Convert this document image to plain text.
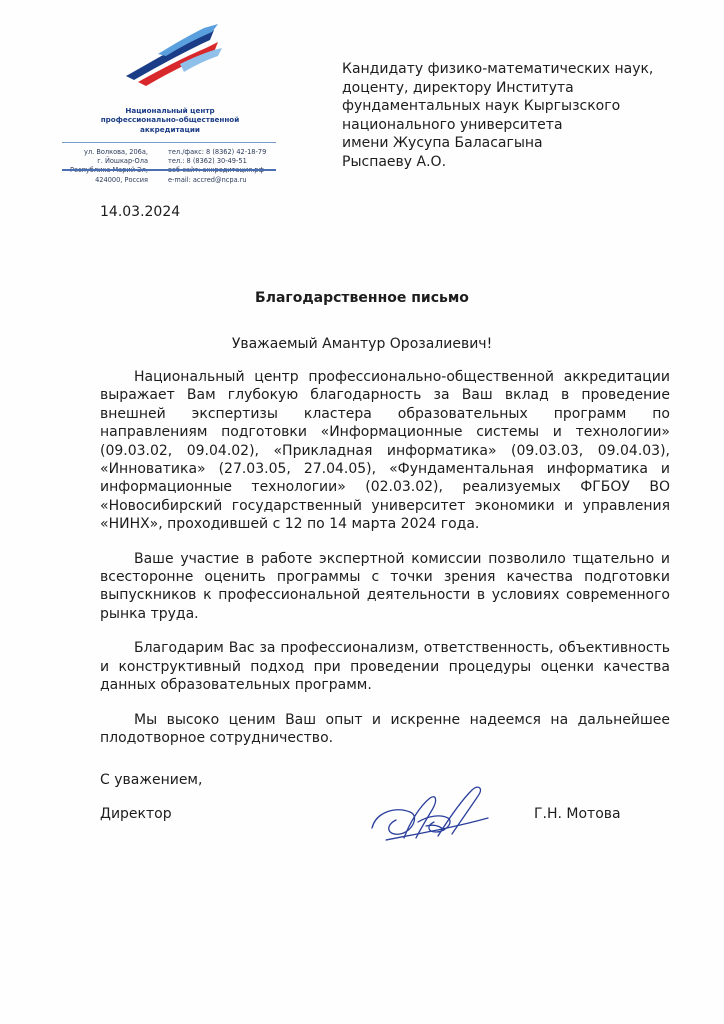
Национальный центр
профессионально-общественной
аккредитации
ул. Волкова, 206а,
г. Йошкар-Ола
424000, Россия
тел./факс: 8 (8362) 42-18-79
тел.: 8 (8362) 30-49-51
e-mail: accred@ncpa.ru
Кандидату физико-математических наук,
доценту, директору Института
фундаментальных наук Кыргызского
национального университета
имени Жусупа Баласагына
Рыспаеву А.О.
14.03.2024
Благодарственное письмо
Уважаемый Амантур Орозалиевич!

Национальный центр профессионально-общественной аккредитации выражает Вам глубокую благодарность за Ваш вклад в проведение внешней экспертизы кластера образовательных программ по направлениям подготовки «Информационные системы и технологии» (09.03.02, 09.04.02), «Прикладная информатика» (09.03.03, 09.04.03), «Инноватика» (27.03.05, 27.04.05), «Фундаментальная информатика и информационные технологии» (02.03.02), реализуемых ФГБОУ ВО «Новосибирский государственный университет экономики и управления «НИНХ», проходившей с 12 по 14 марта 2024 года.

Ваше участие в работе экспертной комиссии позволило тщательно и всесторонне оценить программы с точки зрения качества подготовки выпускников к профессиональной деятельности в условиях современного рынка труда.

Благодарим Вас за профессионализм, ответственность, объективность и конструктивный подход при проведении процедуры оценки качества данных образовательных программ.

Мы высоко ценим Ваш опыт и искренне надеемся на дальнейшее плодотворное сотрудничество.

С уважением,
Директор	Г.Н. Мотова
